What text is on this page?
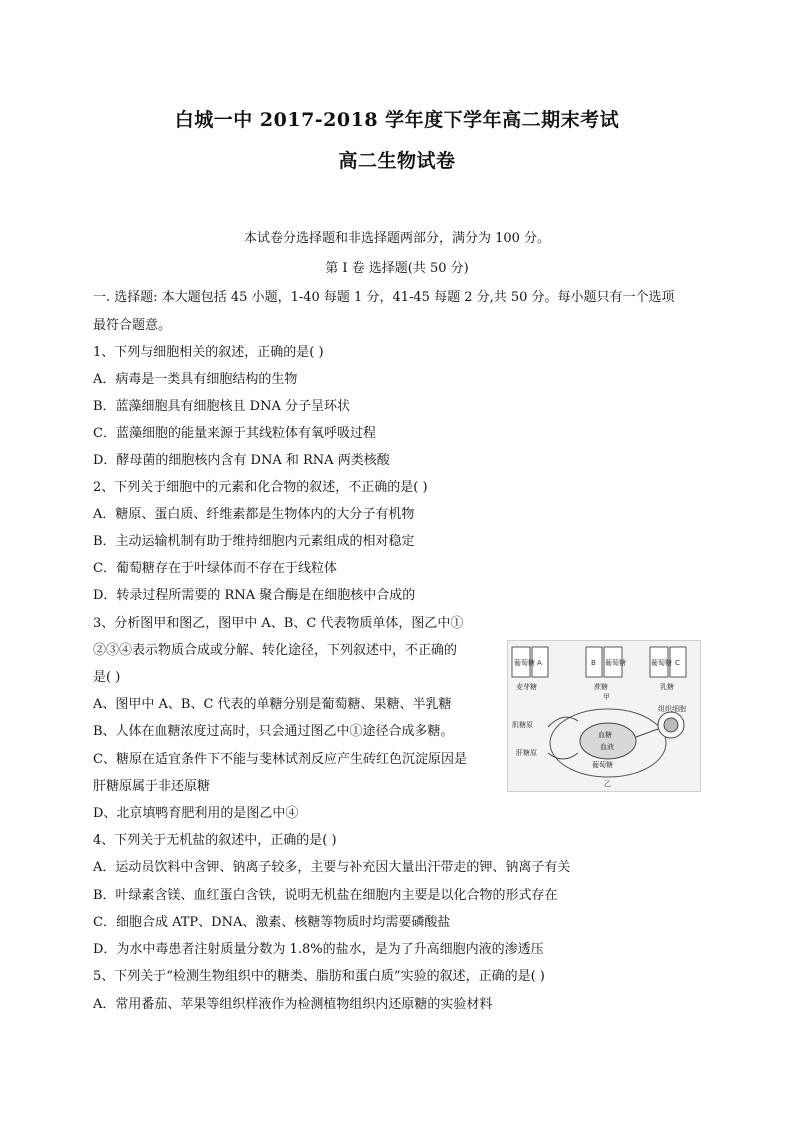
白城一中 2017-2018 学年度下学年高二期末考试
高二生物试卷
本试卷分选择题和非选择题两部分，满分为 100 分。
第 I 卷 选择题(共 50 分)
一. 选择题: 本大题包括 45 小题，1-40 每题 1 分，41-45 每题 2 分,共 50 分。每小题只有一个选项
最符合题意。
1、下列与细胞相关的叙述，正确的是( )
A．病毒是一类具有细胞结构的生物
B．蓝藻细胞具有细胞核且 DNA 分子呈环状
C．蓝藻细胞的能量来源于其线粒体有氧呼吸过程
D．酵母菌的细胞核内含有 DNA 和 RNA 两类核酸
2、下列关于细胞中的元素和化合物的叙述，不正确的是( )
A．糖原、蛋白质、纤维素都是生物体内的大分子有机物
B．主动运输机制有助于维持细胞内元素组成的相对稳定
C．葡萄糖存在于叶绿体而不存在于线粒体
D．转录过程所需要的 RNA 聚合酶是在细胞核中合成的
3、分析图甲和图乙，图甲中 A、B、C 代表物质单体，图乙中①
②③④表示物质合成或分解、转化途径，下列叙述中，不正确的
是( )
A、图甲中 A、B、C 代表的单糖分别是葡萄糖、果糖、半乳糖
B、人体在血糖浓度过高时，只会通过图乙中①途径合成多糖。
C、糖原在适宜条件下不能与斐林试剂反应产生砖红色沉淀原因是
肝糖原属于非还原糖
D、北京填鸭育肥利用的是图乙中④
葡萄糖 A
麦芽糖
B 葡萄糖
蔗糖
葡萄糖 C
乳糖
甲
肌糖原
肝糖原
血糖
血液
葡萄糖
组织细胞
乙
4、下列关于无机盐的叙述中，正确的是( )
A．运动员饮料中含钾、钠离子较多，主要与补充因大量出汗带走的钾、钠离子有关
B．叶绿素含镁、血红蛋白含铁，说明无机盐在细胞内主要是以化合物的形式存在
C．细胞合成 ATP、DNA、激素、核糖等物质时均需要磷酸盐
D．为水中毒患者注射质量分数为 1.8%的盐水，是为了升高细胞内液的渗透压
5、下列关于“检测生物组织中的糖类、脂肪和蛋白质”实验的叙述，正确的是( )
A．常用番茄、苹果等组织样液作为检测植物组织内还原糖的实验材料
